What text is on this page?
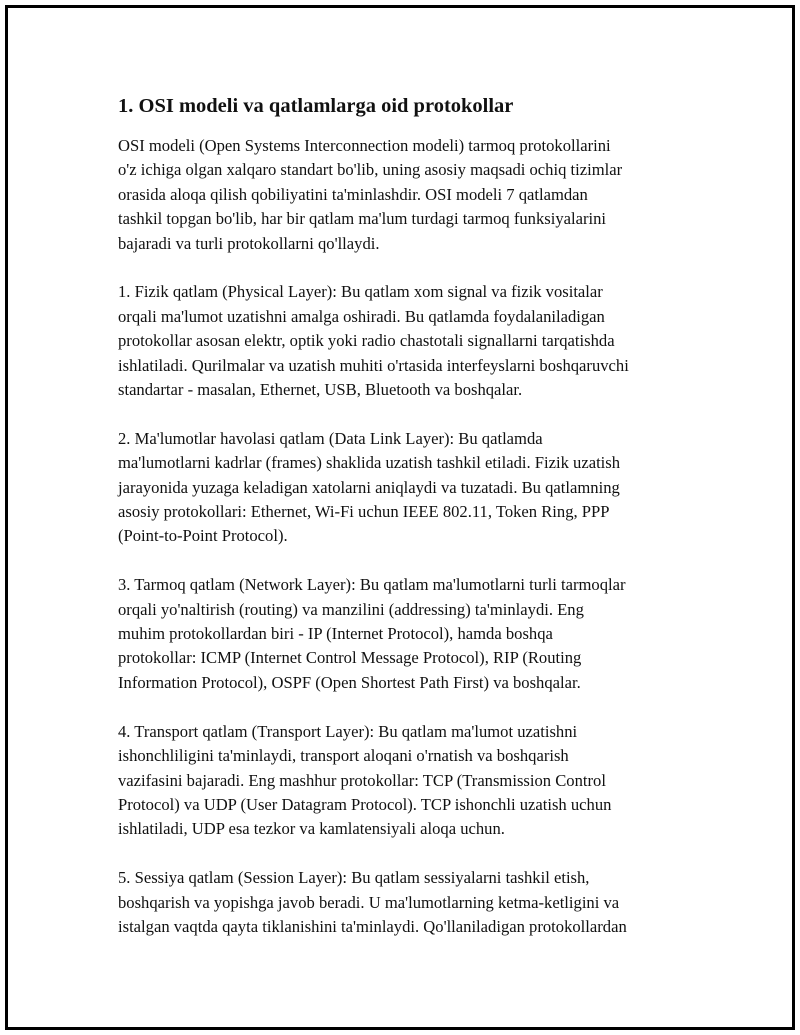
1. OSI modeli va qatlamlarga oid protokollar

OSI modeli (Open Systems Interconnection modeli) tarmoq protokollarini
o'z ichiga olgan xalqaro standart bo'lib, uning asosiy maqsadi ochiq tizimlar
orasida aloqa qilish qobiliyatini ta'minlashdir. OSI modeli 7 qatlamdan
tashkil topgan bo'lib, har bir qatlam ma'lum turdagi tarmoq funksiyalarini
bajaradi va turli protokollarni qo'llaydi.

1. Fizik qatlam (Physical Layer): Bu qatlam xom signal va fizik vositalar
orqali ma'lumot uzatishni amalga oshiradi. Bu qatlamda foydalaniladigan
protokollar asosan elektr, optik yoki radio chastotali signallarni tarqatishda
ishlatiladi. Qurilmalar va uzatish muhiti o'rtasida interfeyslarni boshqaruvchi
standartar - masalan, Ethernet, USB, Bluetooth va boshqalar.

2. Ma'lumotlar havolasi qatlam (Data Link Layer): Bu qatlamda
ma'lumotlarni kadrlar (frames) shaklida uzatish tashkil etiladi. Fizik uzatish
jarayonida yuzaga keladigan xatolarni aniqlaydi va tuzatadi. Bu qatlamning
asosiy protokollari: Ethernet, Wi-Fi uchun IEEE 802.11, Token Ring, PPP
(Point-to-Point Protocol).

3. Tarmoq qatlam (Network Layer): Bu qatlam ma'lumotlarni turli tarmoqlar
orqali yo'naltirish (routing) va manzilini (addressing) ta'minlaydi. Eng
muhim protokollardan biri - IP (Internet Protocol), hamda boshqa
protokollar: ICMP (Internet Control Message Protocol), RIP (Routing
Information Protocol), OSPF (Open Shortest Path First) va boshqalar.

4. Transport qatlam (Transport Layer): Bu qatlam ma'lumot uzatishni
ishonchliligini ta'minlaydi, transport aloqani o'rnatish va boshqarish
vazifasini bajaradi. Eng mashhur protokollar: TCP (Transmission Control
Protocol) va UDP (User Datagram Protocol). TCP ishonchli uzatish uchun
ishlatiladi, UDP esa tezkor va kamlatensiyali aloqa uchun.

5. Sessiya qatlam (Session Layer): Bu qatlam sessiyalarni tashkil etish,
boshqarish va yopishga javob beradi. U ma'lumotlarning ketma-ketligini va
istalgan vaqtda qayta tiklanishini ta'minlaydi. Qo'llaniladigan protokollardan
